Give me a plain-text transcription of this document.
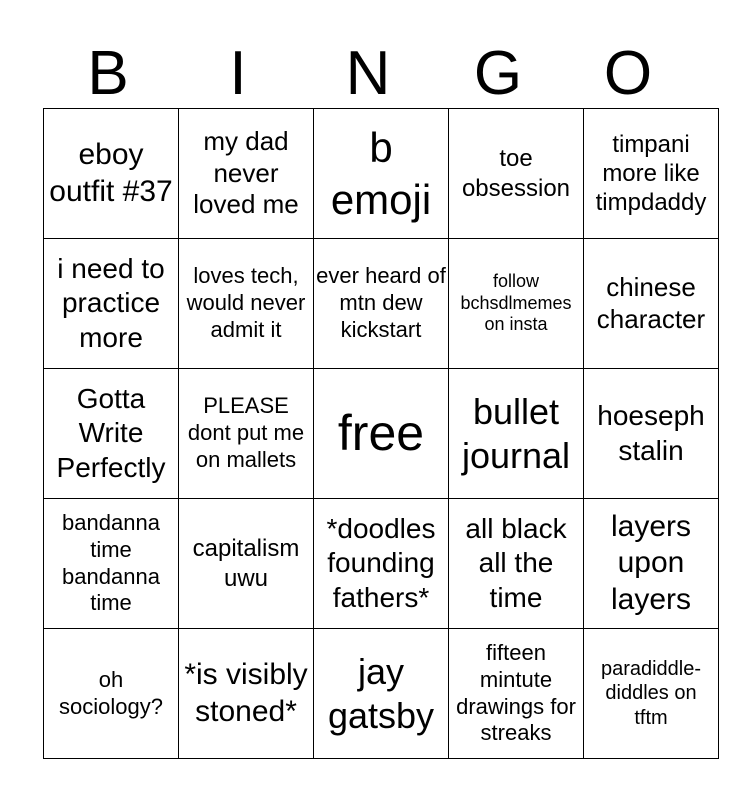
B	I	N	G	O
eboy outfit #37	my dad never loved me	b emoji	toe obsession	timpani more like timpdaddy
i need to practice more	loves tech, would never admit it	ever heard of mtn dew kickstart	follow bchsdlmemes on insta	chinese character
Gotta Write Perfectly	PLEASE dont put me on mallets	free	bullet journal	hoeseph stalin
bandanna time bandanna time	capitalism uwu	*doodles founding fathers*	all black all the time	layers upon layers
oh sociology?	*is visibly stoned*	jay gatsby	fifteen mintute drawings for streaks	paradiddle-diddles on tftm
